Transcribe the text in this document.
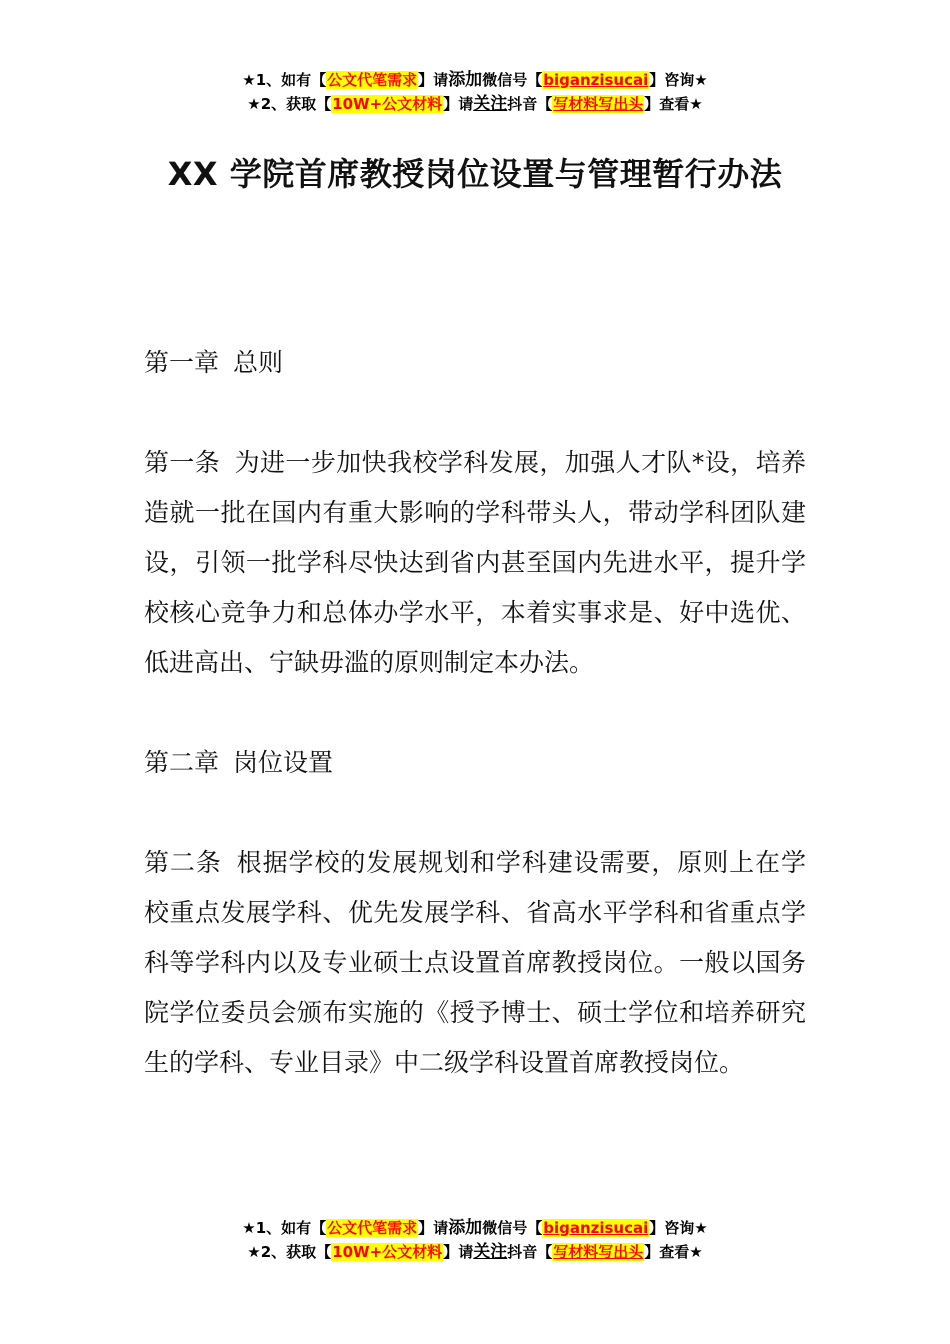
★1、如有【公文代笔需求】请添加微信号【biganzisucai】咨询★
★2、获取【10W+公文材料】请关注抖音【写材料写出头】查看★
XX 学院首席教授岗位设置与管理暂行办法

第一章 总则

第一条 为进一步加快我校学科发展，加强人才队*设，培养造就一批在国内有重大影响的学科带头人，带动学科团队建设，引领一批学科尽快达到省内甚至国内先进水平，提升学校核心竞争力和总体办学水平，本着实事求是、好中选优、低进高出、宁缺毋滥的原则制定本办法。

第二章 岗位设置

第二条 根据学校的发展规划和学科建设需要，原则上在学校重点发展学科、优先发展学科、省高水平学科和省重点学科等学科内以及专业硕士点设置首席教授岗位。一般以国务院学位委员会颁布实施的《授予博士、硕士学位和培养研究生的学科、专业目录》中二级学科设置首席教授岗位。

★1、如有【公文代笔需求】请添加微信号【biganzisucai】咨询★
★2、获取【10W+公文材料】请关注抖音【写材料写出头】查看★
